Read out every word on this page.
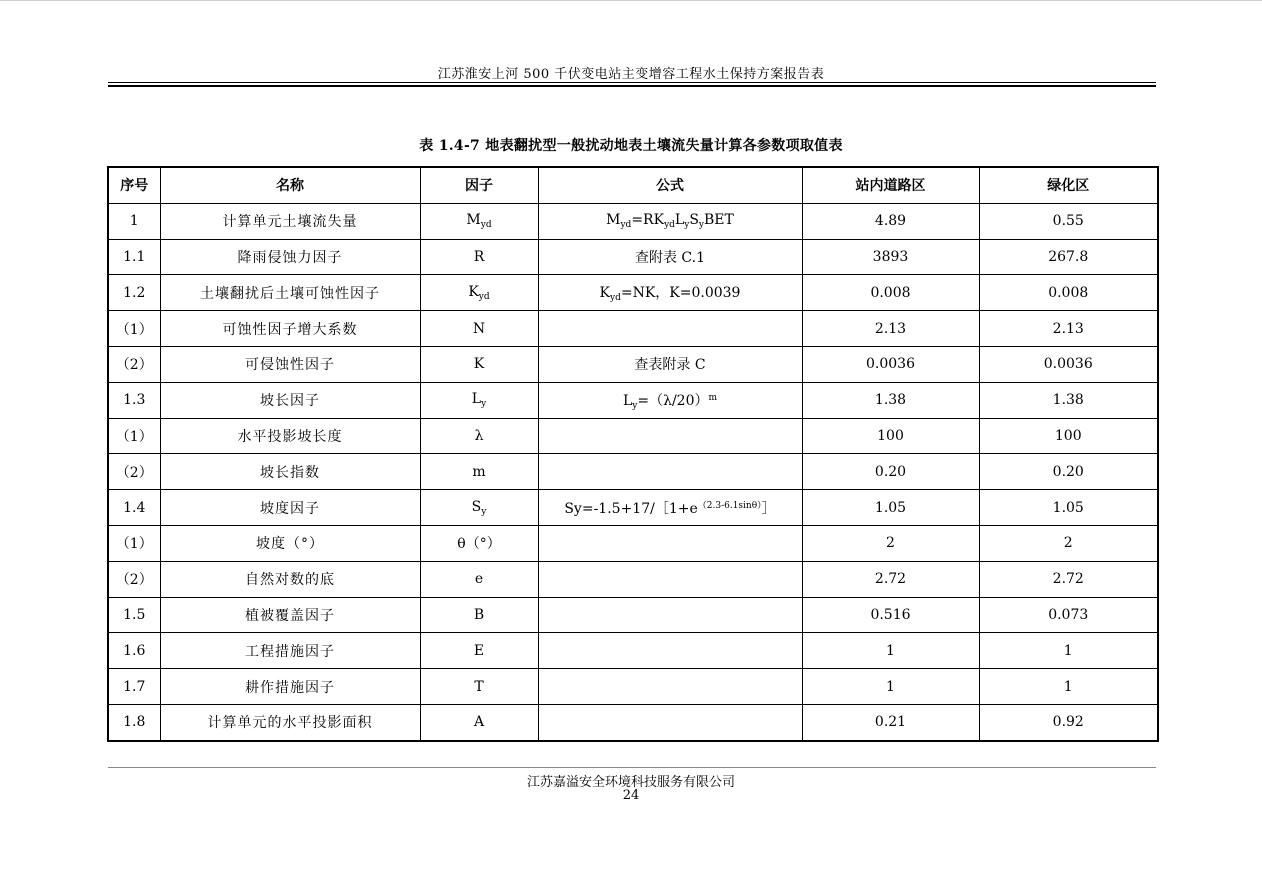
江苏淮安上河 500 千伏变电站主变增容工程水土保持方案报告表
表 1.4-7 地表翻扰型一般扰动地表土壤流失量计算各参数项取值表
序号	名称	因子	公式	站内道路区	绿化区
1	计算单元土壤流失量	$M_{yd}$	$M_{yd}=RK_{yd}L_yS_yBET$	4.89	0.55
1.1	降雨侵蚀力因子	R	查附表 C.1	3893	267.8
1.2	土壤翻扰后土壤可蚀性因子	$K_{yd}$	$K_{yd}=NK$，K=0.0039	0.008	0.008
（1）	可蚀性因子增大系数	N		2.13	2.13
（2）	可侵蚀性因子	K	查表附录 C	0.0036	0.0036
1.3	坡长因子	$L_y$	$L_y=(\lambda/20)^m$	1.38	1.38
（1）	水平投影坡长度	λ		100	100
（2）	坡长指数	m		0.20	0.20
1.4	坡度因子	$S_y$	$Sy=-1.5+17/[1+e^{(2.3-6.1sin\theta)}]$	1.05	1.05
（1）	坡度（°）	θ（°）		2	2
（2）	自然对数的底	e		2.72	2.72
1.5	植被覆盖因子	B		0.516	0.073
1.6	工程措施因子	E		1	1
1.7	耕作措施因子	T		1	1
1.8	计算单元的水平投影面积	A		0.21	0.92
江苏嘉溢安全环境科技服务有限公司
24
